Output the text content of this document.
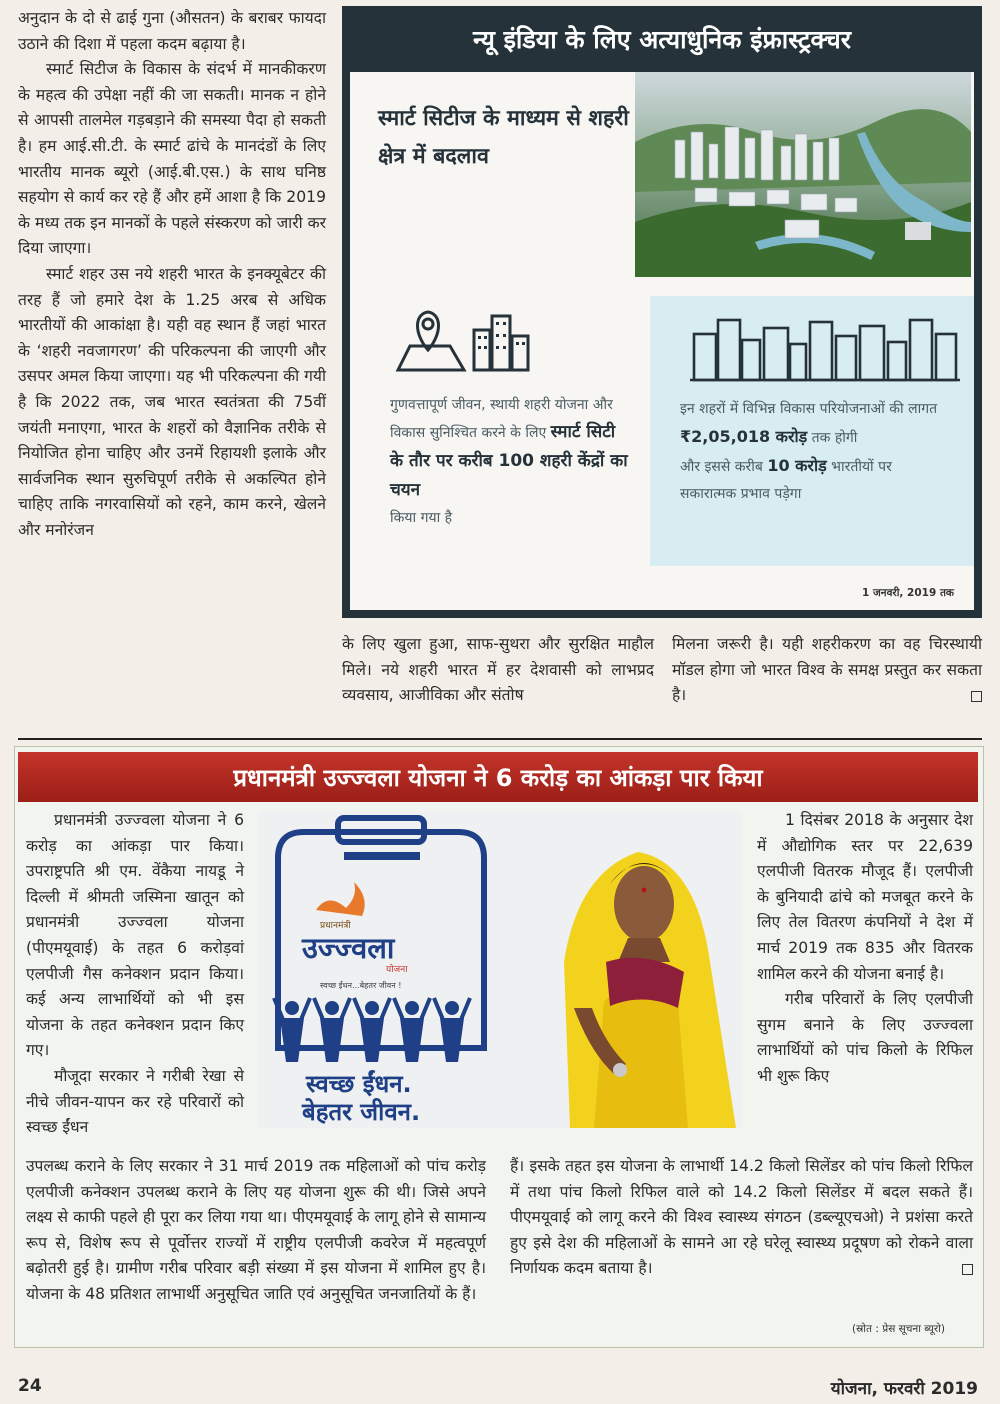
अनुदान के दो से ढाई गुना (औसतन) के बराबर फायदा उठाने की दिशा में पहला कदम बढ़ाया है।

स्मार्ट सिटीज के विकास के संदर्भ में मानकीकरण के महत्व की उपेक्षा नहीं की जा सकती। मानक न होने से आपसी तालमेल गड़बड़ाने की समस्या पैदा हो सकती है। हम आई.सी.टी. के स्मार्ट ढांचे के मानदंडों के लिए भारतीय मानक ब्यूरो (आई.बी.एस.) के साथ घनिष्ठ सहयोग से कार्य कर रहे हैं और हमें आशा है कि 2019 के मध्य तक इन मानकों के पहले संस्करण को जारी कर दिया जाएगा।

स्मार्ट शहर उस नये शहरी भारत के इनक्यूबेटर की तरह हैं जो हमारे देश के 1.25 अरब से अधिक भारतीयों की आकांक्षा है। यही वह स्थान हैं जहां भारत के ‘शहरी नवजागरण’ की परिकल्पना की जाएगी और उसपर अमल किया जाएगा। यह भी परिकल्पना की गयी है कि 2022 तक, जब भारत स्वतंत्रता की 75वीं जयंती मनाएगा, भारत के शहरों को वैज्ञानिक तरीके से नियोजित होना चाहिए और उनमें रिहायशी इलाके और सार्वजनिक स्थान सुरुचिपूर्ण तरीके से अकल्पित होने चाहिए ताकि नगरवासियों को रहने, काम करने, खेलने और मनोरंजन

न्यू इंडिया के लिए अत्याधुनिक इंफ्रास्ट्रक्चर
स्मार्ट सिटीज के माध्यम से शहरी क्षेत्र में बदलाव
गुणवत्तापूर्ण जीवन, स्थायी शहरी योजना और विकास सुनिश्चित करने के लिए स्मार्ट सिटी के तौर पर करीब 100 शहरी केंद्रों का चयन
किया गया है
इन शहरों में विभिन्न विकास परियोजनाओं की लागत
₹2,05,018 करोड़ तक होगी
और इससे करीब 10 करोड़ भारतीयों पर सकारात्मक प्रभाव पड़ेगा
1 जनवरी, 2019 तक

के लिए खुला हुआ, साफ-सुथरा और सुरक्षित माहौल मिले। नये शहरी भारत में हर देशवासी को लाभप्रद व्यवसाय, आजीविका और संतोष

मिलना जरूरी है। यही शहरीकरण का वह चिरस्थायी मॉडल होगा जो भारत विश्व के समक्ष प्रस्तुत कर सकता है।

प्रधानमंत्री उज्ज्वला योजना ने 6 करोड़ का आंकड़ा पार किया

प्रधानमंत्री उज्ज्वला योजना ने 6 करोड़ का आंकड़ा पार किया। उपराष्ट्रपति श्री एम. वेंकैया नायडू ने दिल्ली में श्रीमती जस्मिना खातून को प्रधानमंत्री उज्ज्वला योजना (पीएमयूवाई) के तहत 6 करोड़वां एलपीजी गैस कनेक्शन प्रदान किया। कई अन्य लाभार्थियों को भी इस योजना के तहत कनेक्शन प्रदान किए गए।

मौजूदा सरकार ने गरीबी रेखा से नीचे जीवन-यापन कर रहे परिवारों को स्वच्छ ईंधन

प्रधानमंत्री
उज्ज्वला
योजना
स्वच्छ ईंधन...बेहतर जीवन !
स्वच्छ ईंधन.
बेहतर जीवन.

1 दिसंबर 2018 के अनुसार देश में औद्योगिक स्तर पर 22,639 एलपीजी वितरक मौजूद हैं। एलपीजी के बुनियादी ढांचे को मजबूत करने के लिए तेल वितरण कंपनियों ने देश में मार्च 2019 तक 835 और वितरक शामिल करने की योजना बनाई है।

गरीब परिवारों के लिए एलपीजी सुगम बनाने के लिए उज्ज्वला लाभार्थियों को पांच किलो के रिफिल भी शुरू किए

उपलब्ध कराने के लिए सरकार ने 31 मार्च 2019 तक महिलाओं को पांच करोड़ एलपीजी कनेक्शन उपलब्ध कराने के लिए यह योजना शुरू की थी। जिसे अपने लक्ष्य से काफी पहले ही पूरा कर लिया गया था। पीएमयूवाई के लागू होने से सामान्य रूप से, विशेष रूप से पूर्वोत्तर राज्यों में राष्ट्रीय एलपीजी कवरेज में महत्वपूर्ण बढ़ोतरी हुई है। ग्रामीण गरीब परिवार बड़ी संख्या में इस योजना में शामिल हुए है। योजना के 48 प्रतिशत लाभार्थी अनुसूचित जाति एवं अनुसूचित जनजातियों के हैं।

हैं। इसके तहत इस योजना के लाभार्थी 14.2 किलो सिलेंडर को पांच किलो रिफिल में तथा पांच किलो रिफिल वाले को 14.2 किलो सिलेंडर में बदल सकते हैं। पीएमयूवाई को लागू करने की विश्व स्वास्थ्य संगठन (डब्ल्यूएचओ) ने प्रशंसा करते हुए इसे देश की महिलाओं के सामने आ रहे घरेलू स्वास्थ्य प्रदूषण को रोकने वाला निर्णायक कदम बताया है।

(स्रोत : प्रेस सूचना ब्यूरो)
24	योजना, फरवरी 2019
